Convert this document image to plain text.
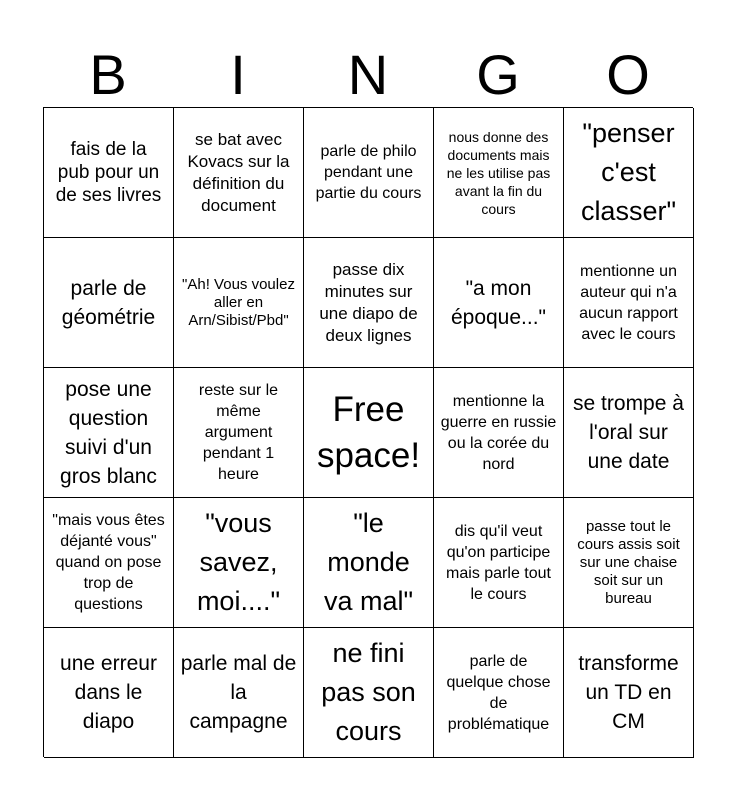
B	I	N	G	O
fais de la pub pour un de ses livres
se bat avec Kovacs sur la définition du document
parle de philo pendant une partie du cours
nous donne des documents mais ne les utilise pas avant la fin du cours
"penser c'est classer"
parle de géométrie
"Ah! Vous voulez aller en Arn/Sibist/Pbd"
passe dix minutes sur une diapo de deux lignes
"a mon époque..."
mentionne un auteur qui n'a aucun rapport avec le cours
pose une question suivi d'un gros blanc
reste sur le même argument pendant 1 heure
Free space!
mentionne la guerre en russie ou la corée du nord
se trompe à l'oral sur une date
"mais vous êtes déjanté vous" quand on pose trop de questions
"vous savez, moi...."
"le monde va mal"
dis qu'il veut qu'on participe mais parle tout le cours
passe tout le cours assis soit sur une chaise soit sur un bureau
une erreur dans le diapo
parle mal de la campagne
ne fini pas son cours
parle de quelque chose de problématique
transforme un TD en CM
